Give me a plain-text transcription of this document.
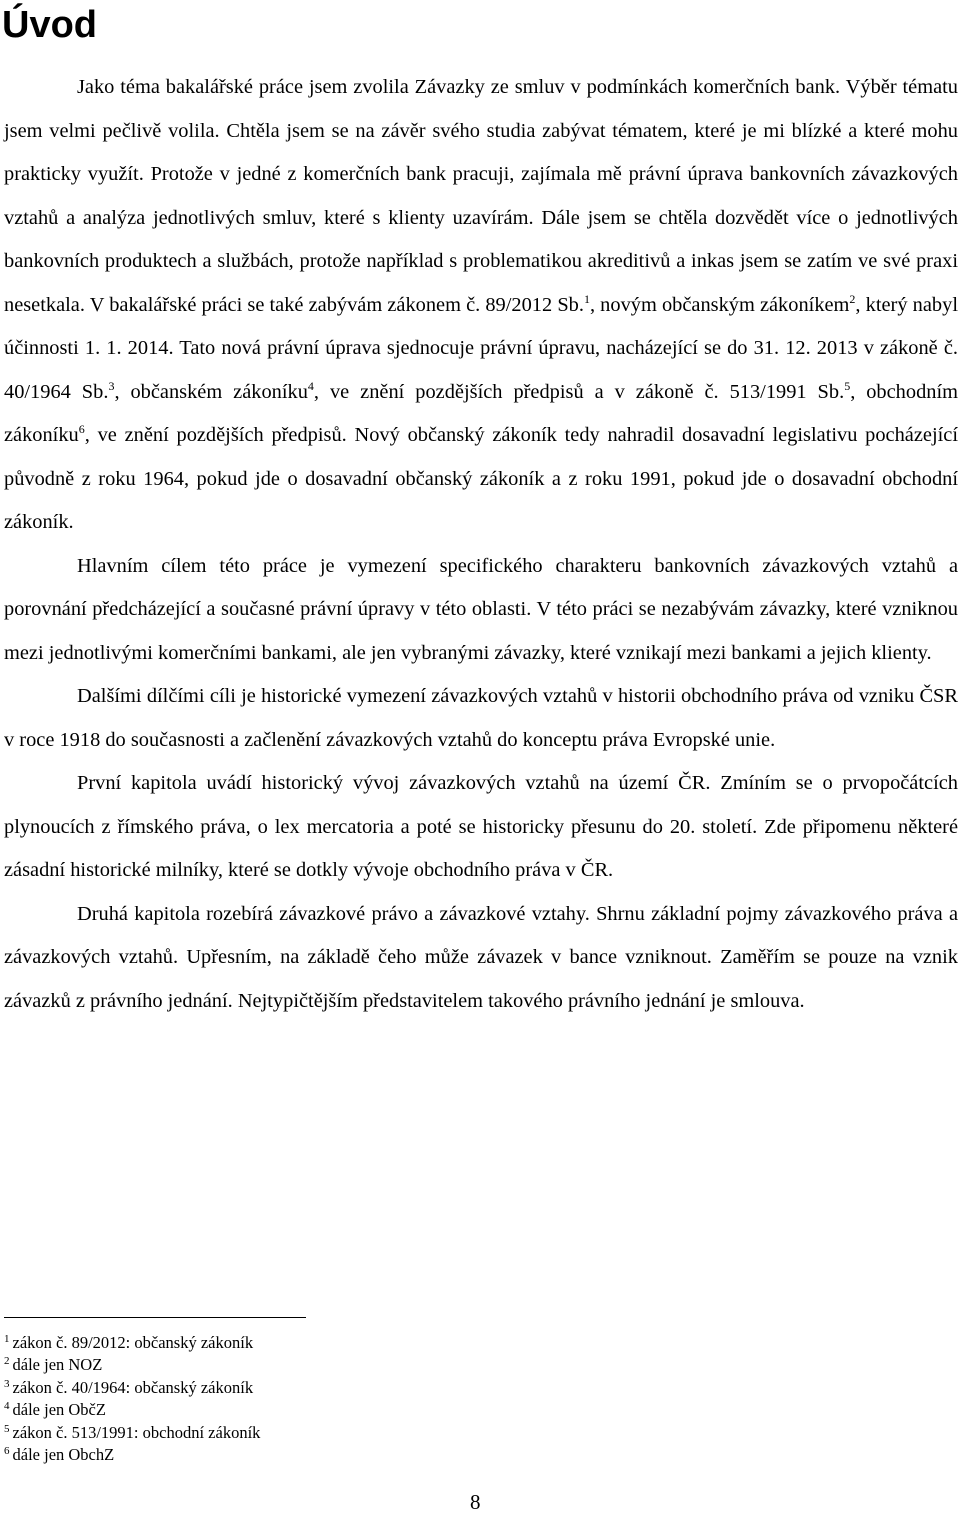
Úvod

Jako téma bakalářské práce jsem zvolila Závazky ze smluv v podmínkách komerčních bank. Výběr tématu jsem velmi pečlivě volila. Chtěla jsem se na závěr svého studia zabývat tématem, které je mi blízké a které mohu prakticky využít. Protože v jedné z komerčních bank pracuji, zajímala mě právní úprava bankovních závazkových vztahů a analýza jednotlivých smluv, které s klienty uzavírám. Dále jsem se chtěla dozvědět více o jednotlivých bankovních produktech a službách, protože například s problematikou akreditivů a inkas jsem se zatím ve své praxi nesetkala. V bakalářské práci se také zabývám zákonem č. 89/2012 Sb.$^1$, novým občanským zákoníkem$^2$, který nabyl účinnosti 1. 1. 2014. Tato nová právní úprava sjednocuje právní úpravu, nacházející se do 31. 12. 2013 v zákoně č. 40/1964 Sb.$^3$, občanském zákoníku$^4$, ve znění pozdějších předpisů a v zákoně č. 513/1991 Sb.$^5$, obchodním zákoníku$^6$, ve znění pozdějších předpisů. Nový občanský zákoník tedy nahradil dosavadní legislativu pocházející původně z roku 1964, pokud jde o dosavadní občanský zákoník a z roku 1991, pokud jde o dosavadní obchodní zákoník.

Hlavním cílem této práce je vymezení specifického charakteru bankovních závazkových vztahů a porovnání předcházející a současné právní úpravy v této oblasti. V této práci se nezabývám závazky, které vzniknou mezi jednotlivými komerčními bankami, ale jen vybranými závazky, které vznikají mezi bankami a jejich klienty.

Dalšími dílčími cíli je historické vymezení závazkových vztahů v historii obchodního práva od vzniku ČSR v roce 1918 do současnosti a začlenění závazkových vztahů do konceptu práva Evropské unie.

První kapitola uvádí historický vývoj závazkových vztahů na území ČR. Zmíním se o prvopočátcích plynoucích z římského práva, o lex mercatoria a poté se historicky přesunu do 20. století. Zde připomenu některé zásadní historické milníky, které se dotkly vývoje obchodního práva v ČR.

Druhá kapitola rozebírá závazkové právo a závazkové vztahy. Shrnu základní pojmy závazkového práva a závazkových vztahů. Upřesním, na základě čeho může závazek v bance vzniknout. Zaměřím se pouze na vznik závazků z právního jednání. Nejtypičtějším představitelem takového právního jednání je smlouva.

$^1$ zákon č. 89/2012: občanský zákoník

$^2$ dále jen NOZ

$^3$ zákon č. 40/1964: občanský zákoník

$^4$ dále jen ObčZ

$^5$ zákon č. 513/1991: obchodní zákoník

$^6$ dále jen ObchZ

8
